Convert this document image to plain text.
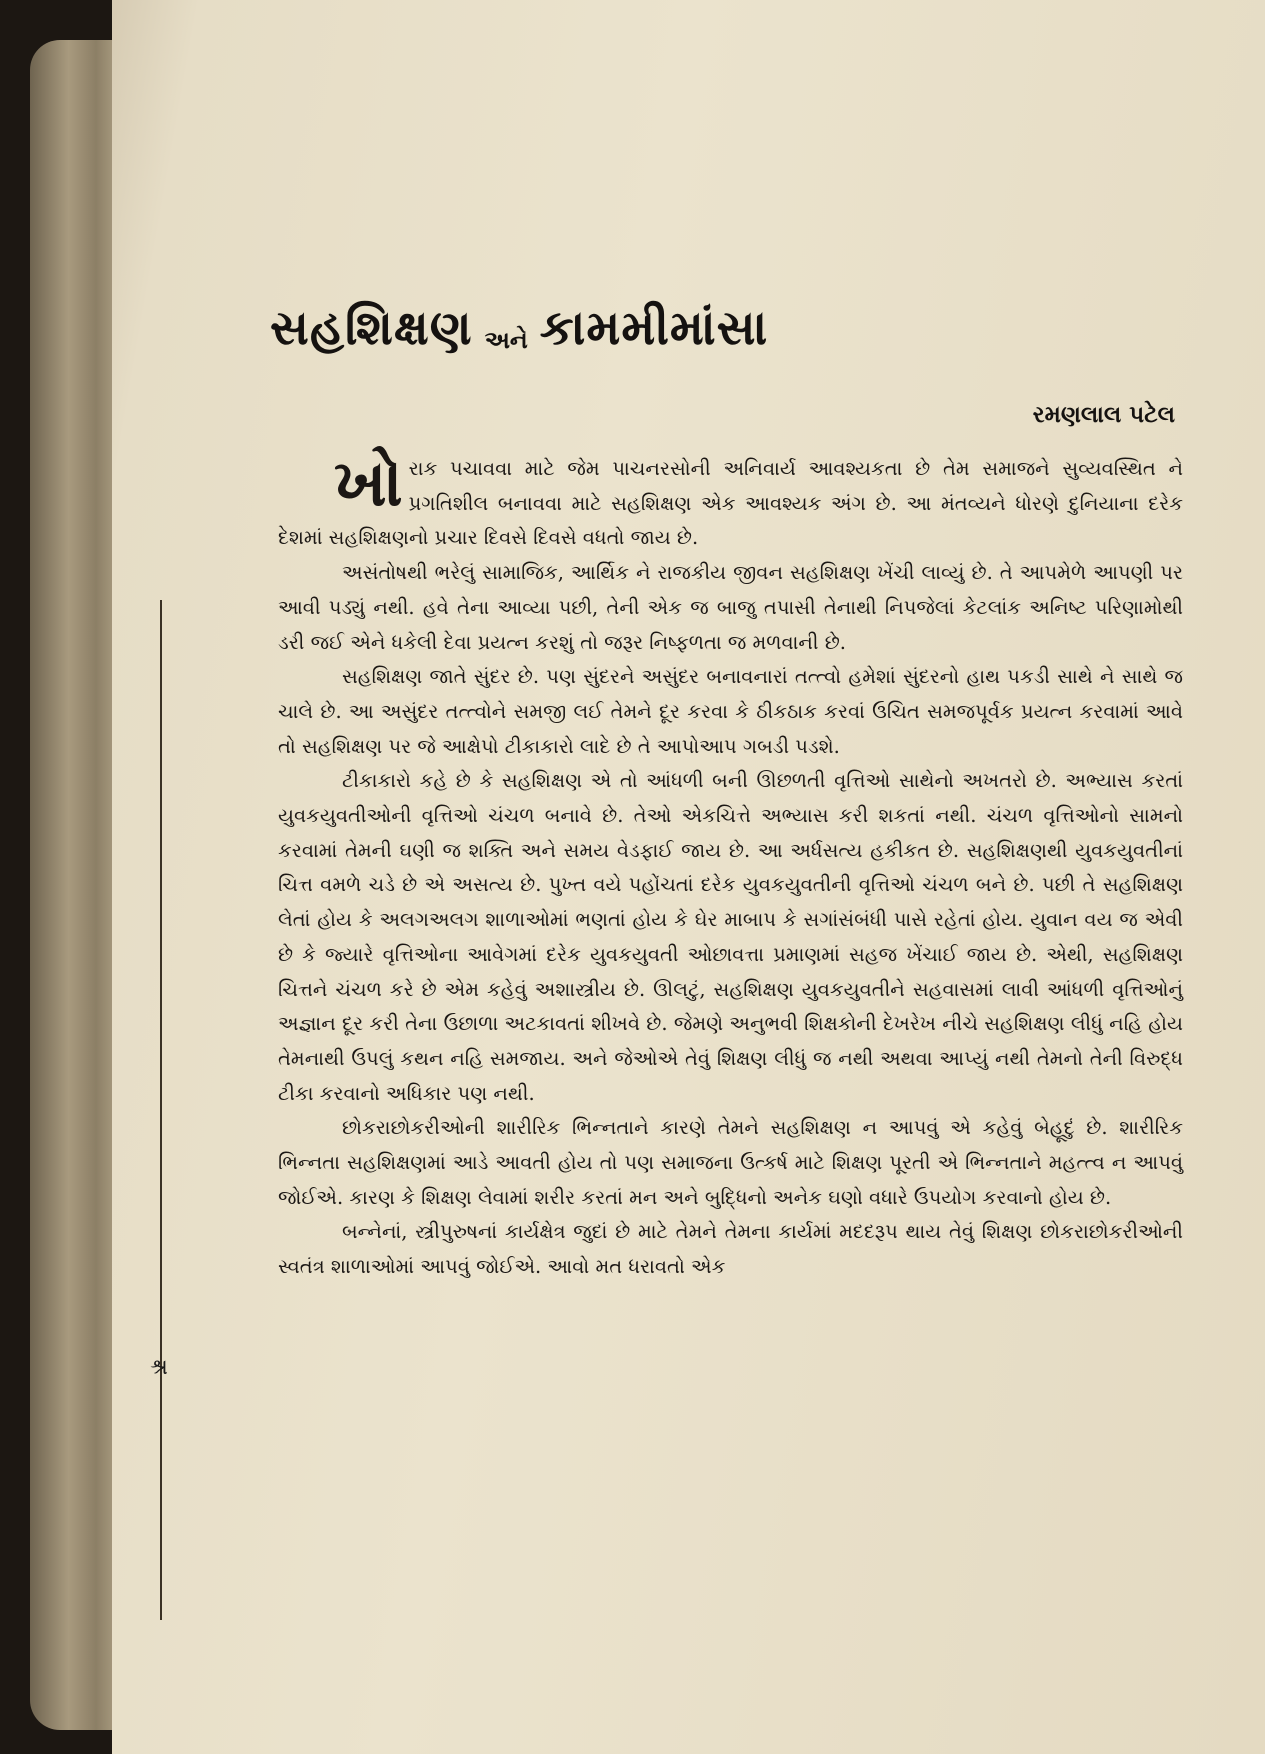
શ્ર
સહશિક્ષણ અને કામમીમાંસા
રમણલાલ પટેલ

ખોરાક પચાવવા માટે જેમ પાચનરસોની અનિવાર્ય આવશ્યકતા છે તેમ સમાજને સુવ્યવસ્થિત ને પ્રગતિશીલ બનાવવા માટે સહશિક્ષણ એક આવશ્યક અંગ છે. આ મંતવ્યને ધોરણે દુનિયાના દરેક દેશમાં સહશિક્ષણનો પ્રચાર દિવસે દિવસે વધતો જાય છે.

અસંતોષથી ભરેલું સામાજિક, આર્થિક ને રાજકીય જીવન સહશિક્ષણ ખેંચી લાવ્યું છે. તે આપમેળે આપણી પર આવી પડ્યું નથી. હવે તેના આવ્યા પછી, તેની એક જ બાજુ તપાસી તેનાથી નિપજેલાં કેટલાંક અનિષ્ટ પરિણામોથી ડરી જઈ એને ધકેલી દેવા પ્રયત્ન કરશું તો જરૂર નિષ્ફળતા જ મળવાની છે.

સહશિક્ષણ જાતે સુંદર છે. પણ સુંદરને અસુંદર બનાવનારાં તત્ત્વો હમેશાં સુંદરનો હાથ પકડી સાથે ને સાથે જ ચાલે છે. આ અસુંદર તત્ત્વોને સમજી લઈ તેમને દૂર કરવા કે ઠીકઠાક કરવાં ઉચિત સમજપૂર્વક પ્રયત્ન કરવામાં આવે તો સહશિક્ષણ પર જે આક્ષેપો ટીકાકારો લાદે છે તે આપોઆપ ગબડી પડશે.

ટીકાકારો કહે છે કે સહશિક્ષણ એ તો આંધળી બની ઊછળતી વૃત્તિઓ સાથેનો અખતરો છે. અભ્યાસ કરતાં યુવકયુવતીઓની વૃત્તિઓ ચંચળ બનાવે છે. તેઓ એકચિત્તે અભ્યાસ કરી શકતાં નથી. ચંચળ વૃત્તિઓનો સામનો કરવામાં તેમની ઘણી જ શક્તિ અને સમય વેડફાઈ જાય છે. આ અર્ધસત્ય હકીકત છે. સહશિક્ષણથી યુવકયુવતીનાં ચિત્ત વમળે ચડે છે એ અસત્ય છે. પુખ્ત વયે પહોંચતાં દરેક યુવકયુવતીની વૃત્તિઓ ચંચળ બને છે. પછી તે સહશિક્ષણ લેતાં હોય કે અલગઅલગ શાળાઓમાં ભણતાં હોય કે ઘેર માબાપ કે સગાંસંબંધી પાસે રહેતાં હોય. યુવાન વય જ એવી છે કે જ્યારે વૃત્તિઓના આવેગમાં દરેક યુવકયુવતી ઓછાવત્તા પ્રમાણમાં સહજ ખેંચાઈ જાય છે. એથી, સહશિક્ષણ ચિત્તને ચંચળ કરે છે એમ કહેવું અશાસ્ત્રીય છે. ઊલટું, સહશિક્ષણ યુવકયુવતીને સહવાસમાં લાવી આંધળી વૃત્તિઓનું અજ્ઞાન દૂર કરી તેના ઉછાળા અટકાવતાં શીખવે છે. જેમણે અનુભવી શિક્ષકોની દેખરેખ નીચે સહશિક્ષણ લીધું નહિ હોય તેમનાથી ઉપલું કથન નહિ સમજાય. અને જેઓએ તેવું શિક્ષણ લીધું જ નથી અથવા આપ્યું નથી તેમનો તેની વિરુદ્ધ ટીકા કરવાનો અધિકાર પણ નથી.

છોકરાછોકરીઓની શારીરિક ભિન્નતાને કારણે તેમને સહશિક્ષણ ન આપવું એ કહેવું બેહૂદું છે. શારીરિક ભિન્નતા સહશિક્ષણમાં આડે આવતી હોય તો પણ સમાજના ઉત્કર્ષ માટે શિક્ષણ પૂરતી એ ભિન્નતાને મહત્ત્વ ન આપવું જોઈએ. કારણ કે શિક્ષણ લેવામાં શરીર કરતાં મન અને બુદ્ધિનો અનેક ઘણો વધારે ઉપયોગ કરવાનો હોય છે.

બન્નેનાં, સ્ત્રીપુરુષનાં કાર્યક્ષેત્ર જુદાં છે માટે તેમને તેમના કાર્યમાં મદદરૂપ થાય તેવું શિક્ષણ છોકરાછોકરીઓની સ્વતંત્ર શાળાઓમાં આપવું જોઈએ. આવો મત ધરાવતો એક
